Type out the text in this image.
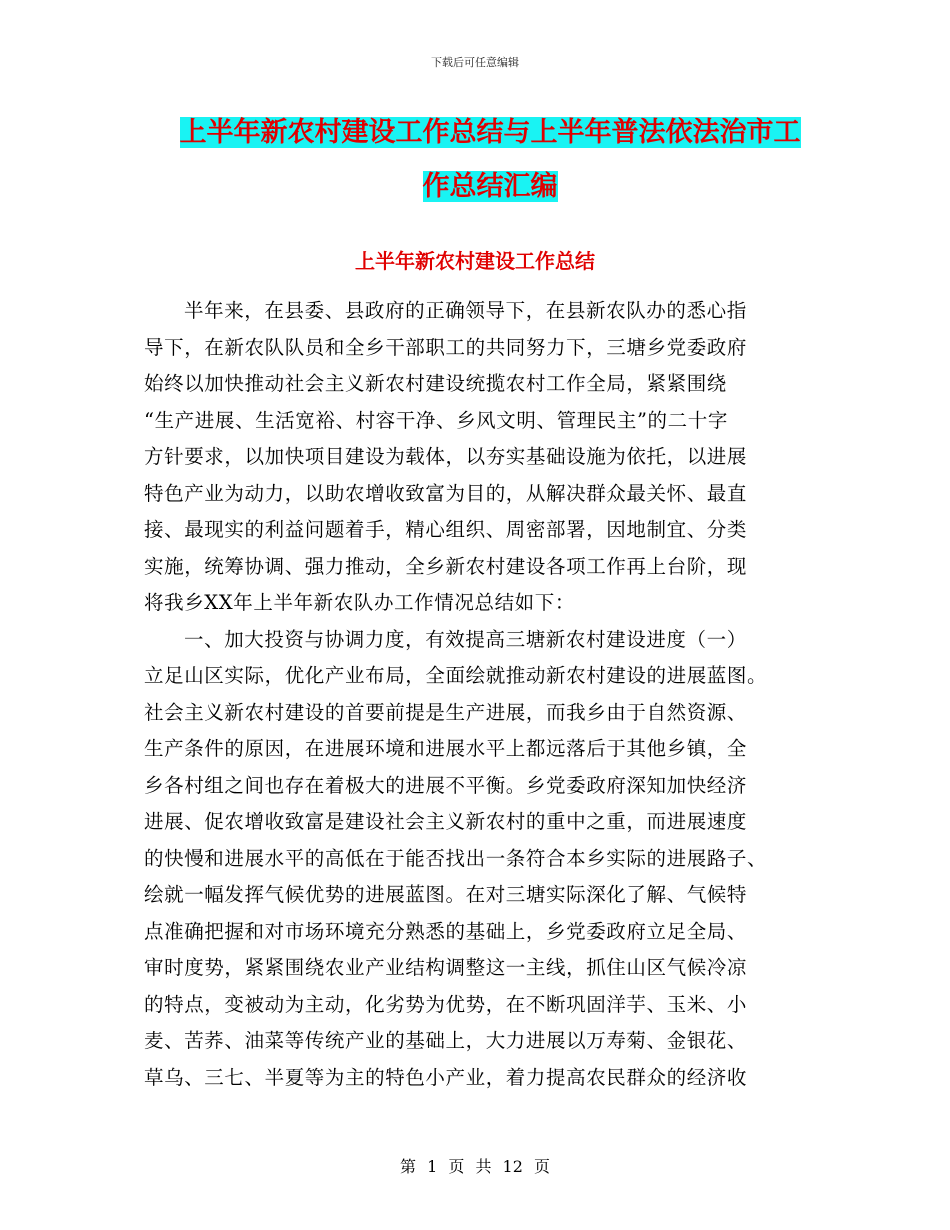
下载后可任意编辑
上半年新农村建设工作总结与上半年普法依法治市工
作总结汇编
上半年新农村建设工作总结

半年来，在县委、县政府的正确领导下，在县新农队办的悉心指

导下，在新农队队员和全乡干部职工的共同努力下，三塘乡党委政府

始终以加快推动社会主义新农村建设统揽农村工作全局，紧紧围绕

“生产进展、生活宽裕、村容干净、乡风文明、管理民主”的二十字

方针要求，以加快项目建设为载体，以夯实基础设施为依托，以进展

特色产业为动力，以助农增收致富为目的，从解决群众最关怀、最直

接、最现实的利益问题着手，精心组织、周密部署，因地制宜、分类

实施，统筹协调、强力推动，全乡新农村建设各项工作再上台阶，现

将我乡XX年上半年新农队办工作情况总结如下：

一、加大投资与协调力度，有效提高三塘新农村建设进度（一）

立足山区实际，优化产业布局，全面绘就推动新农村建设的进展蓝图。

社会主义新农村建设的首要前提是生产进展，而我乡由于自然资源、

生产条件的原因，在进展环境和进展水平上都远落后于其他乡镇，全

乡各村组之间也存在着极大的进展不平衡。乡党委政府深知加快经济

进展、促农增收致富是建设社会主义新农村的重中之重，而进展速度

的快慢和进展水平的高低在于能否找出一条符合本乡实际的进展路子、

绘就一幅发挥气候优势的进展蓝图。在对三塘实际深化了解、气候特

点准确把握和对市场环境充分熟悉的基础上，乡党委政府立足全局、

审时度势，紧紧围绕农业产业结构调整这一主线，抓住山区气候冷凉

的特点，变被动为主动，化劣势为优势，在不断巩固洋芋、玉米、小

麦、苦荞、油菜等传统产业的基础上，大力进展以万寿菊、金银花、

草乌、三七、半夏等为主的特色小产业，着力提高农民群众的经济收

第 1 页 共 12 页
